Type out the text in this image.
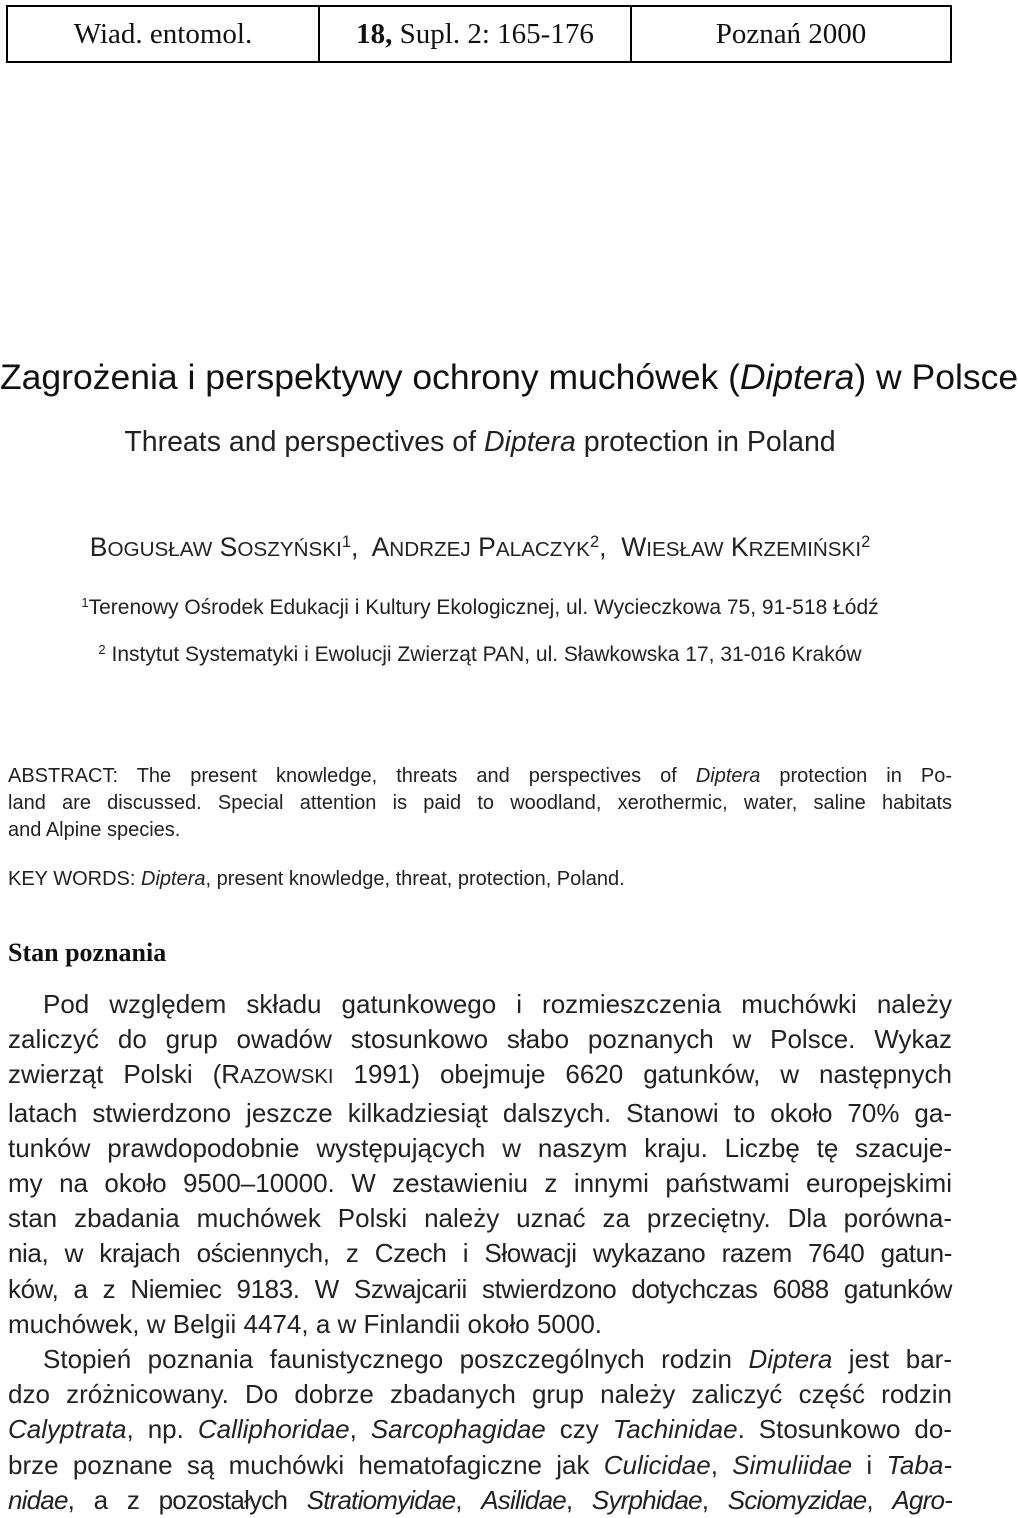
Wiad. entomol.	18, Supl. 2: 165-176	Poznań 2000
Zagrożenia i perspektywy ochrony muchówek (Diptera) w Polsce
Threats and perspectives of Diptera protection in Poland
BOGUSŁAW SOSZYŃSKI$^1$,  ANDRZEJ PALACZYK$^2$,  WIESŁAW KRZEMIŃSKI$^2$
$^1$Terenowy Ośrodek Edukacji i Kultury Ekologicznej, ul. Wycieczkowa 75, 91-518 Łódź
$^2$ Instytut Systematyki i Ewolucji Zwierząt PAN, ul. Sławkowska 17, 31-016 Kraków
ABSTRACT: The present knowledge, threats and perspectives of Diptera protection in Po-
land are discussed. Special attention is paid to woodland, xerothermic, water, saline habitats
and Alpine species.
KEY WORDS: Diptera, present knowledge, threat, protection, Poland.
Stan poznania
Pod względem składu gatunkowego i rozmieszczenia muchówki należy
zaliczyć do grup owadów stosunkowo słabo poznanych w Polsce. Wykaz
zwierząt Polski (RAZOWSKI 1991) obejmuje 6620 gatunków, w następnych
latach stwierdzono jeszcze kilkadziesiąt dalszych. Stanowi to około 70% ga-
tunków prawdopodobnie występujących w naszym kraju. Liczbę tę szacuje-
my na około 9500–10000. W zestawieniu z innymi państwami europejskimi
stan zbadania muchówek Polski należy uznać za przeciętny. Dla porówna-
nia, w krajach ościennych, z Czech i Słowacji wykazano razem 7640 gatun-
ków, a z Niemiec 9183. W Szwajcarii stwierdzono dotychczas 6088 gatunków
muchówek, w Belgii 4474, a w Finlandii około 5000.
Stopień poznania faunistycznego poszczególnych rodzin Diptera jest bar-
dzo zróżnicowany. Do dobrze zbadanych grup należy zaliczyć część rodzin
Calyptrata, np. Calliphoridae, Sarcophagidae czy Tachinidae. Stosunkowo do-
brze poznane są muchówki hematofagiczne jak Culicidae, Simuliidae i Taba-
nidae, a z pozostałych Stratiomyidae, Asilidae, Syrphidae, Sciomyzidae, Agro-
